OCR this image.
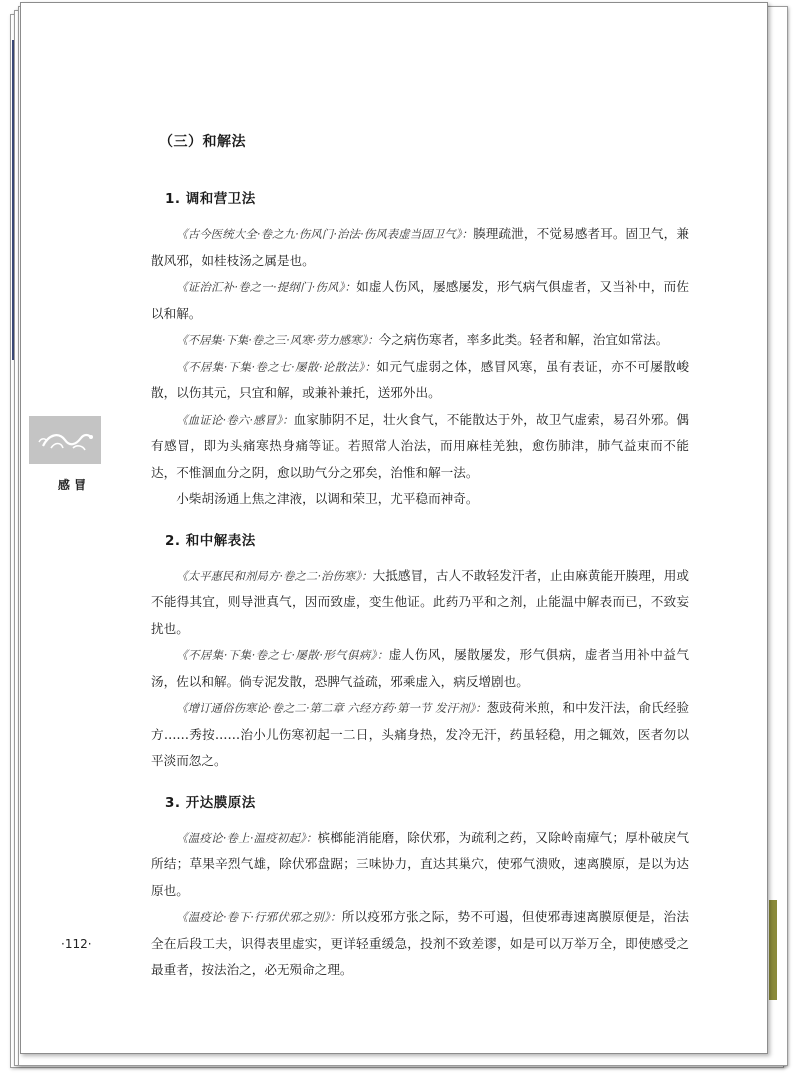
感 冒
·112·
（三）和解法
1. 调和营卫法

《古今医统大全·卷之九·伤风门·治法·伤风表虚当固卫气》：腠理疏泄，不觉易感者耳。固卫气，兼散风邪，如桂枝汤之属是也。

《证治汇补·卷之一·提纲门·伤风》：如虚人伤风，屡感屡发，形气病气俱虚者，又当补中，而佐以和解。

《不居集·下集·卷之三·风寒·劳力感寒》：今之病伤寒者，率多此类。轻者和解，治宜如常法。

《不居集·下集·卷之七·屡散·论散法》：如元气虚弱之体，感冒风寒，虽有表证，亦不可屡散峻散，以伤其元，只宜和解，或兼补兼托，送邪外出。

《血证论·卷六·感冒》：血家肺阴不足，壮火食气，不能散达于外，故卫气虚索，易召外邪。偶有感冒，即为头痛寒热身痛等证。若照常人治法，而用麻桂羌独，愈伤肺津，肺气益束而不能达，不惟涸血分之阴，愈以助气分之邪矣，治惟和解一法。

小柴胡汤通上焦之津液，以调和荣卫，尤平稳而神奇。

2. 和中解表法

《太平惠民和剂局方·卷之二·治伤寒》：大抵感冒，古人不敢轻发汗者，止由麻黄能开腠理，用或不能得其宜，则导泄真气，因而致虚，变生他证。此药乃平和之剂，止能温中解表而已，不致妄扰也。

《不居集·下集·卷之七·屡散·形气俱病》：虚人伤风，屡散屡发，形气俱病，虚者当用补中益气汤，佐以和解。倘专泥发散，恐脾气益疏，邪乘虚入，病反增剧也。

《增订通俗伤寒论·卷之二·第二章 六经方药·第一节 发汗剂》：葱豉荷米煎，和中发汗法，俞氏经验方……秀按……治小儿伤寒初起一二日，头痛身热，发冷无汗，药虽轻稳，用之辄效，医者勿以平淡而忽之。

3. 开达膜原法

《温疫论·卷上·温疫初起》：槟榔能消能磨，除伏邪，为疏利之药，又除岭南瘴气；厚朴破戾气所结；草果辛烈气雄，除伏邪盘踞；三味协力，直达其巢穴，使邪气溃败，速离膜原，是以为达原也。

《温疫论·卷下·行邪伏邪之别》：所以疫邪方张之际，势不可遏，但使邪毒速离膜原便是，治法全在后段工夫，识得表里虚实，更详轻重缓急，投剂不致差谬，如是可以万举万全，即使感受之最重者，按法治之，必无殒命之理。
